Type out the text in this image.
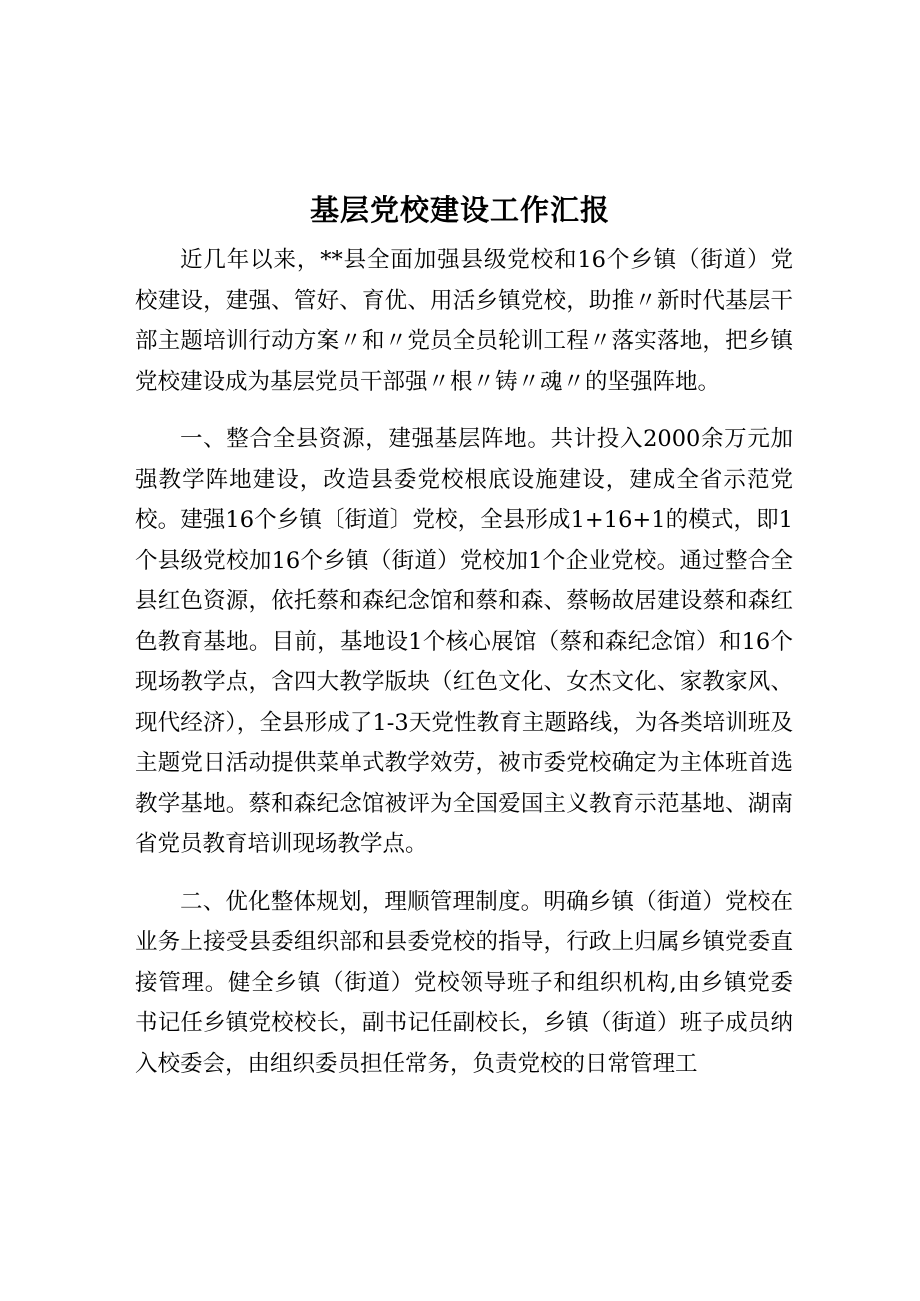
基层党校建设工作汇报

近几年以来，**县全面加强县级党校和16个乡镇（街道）党校建设，建强、管好、育优、用活乡镇党校，助推〃新时代基层干部主题培训行动方案〃和〃党员全员轮训工程〃落实落地，把乡镇党校建设成为基层党员干部强〃根〃铸〃魂〃的坚强阵地。

一、整合全县资源，建强基层阵地。共计投入2000余万元加强教学阵地建设，改造县委党校根底设施建设，建成全省示范党校。建强16个乡镇〔街道〕党校，全县形成1+16+1的模式，即1个县级党校加16个乡镇（街道）党校加1个企业党校。通过整合全县红色资源，依托蔡和森纪念馆和蔡和森、蔡畅故居建设蔡和森红色教育基地。目前，基地设1个核心展馆（蔡和森纪念馆）和16个现场教学点，含四大教学版块（红色文化、女杰文化、家教家风、现代经济），全县形成了1-3天党性教育主题路线，为各类培训班及主题党日活动提供菜单式教学效劳，被市委党校确定为主体班首选教学基地。蔡和森纪念馆被评为全国爱国主义教育示范基地、湖南省党员教育培训现场教学点。

二、优化整体规划，理顺管理制度。明确乡镇（街道）党校在业务上接受县委组织部和县委党校的指导，行政上归属乡镇党委直接管理。健全乡镇（街道）党校领导班子和组织机构,由乡镇党委书记任乡镇党校校长，副书记任副校长，乡镇（街道）班子成员纳入校委会，由组织委员担任常务，负责党校的日常管理工
